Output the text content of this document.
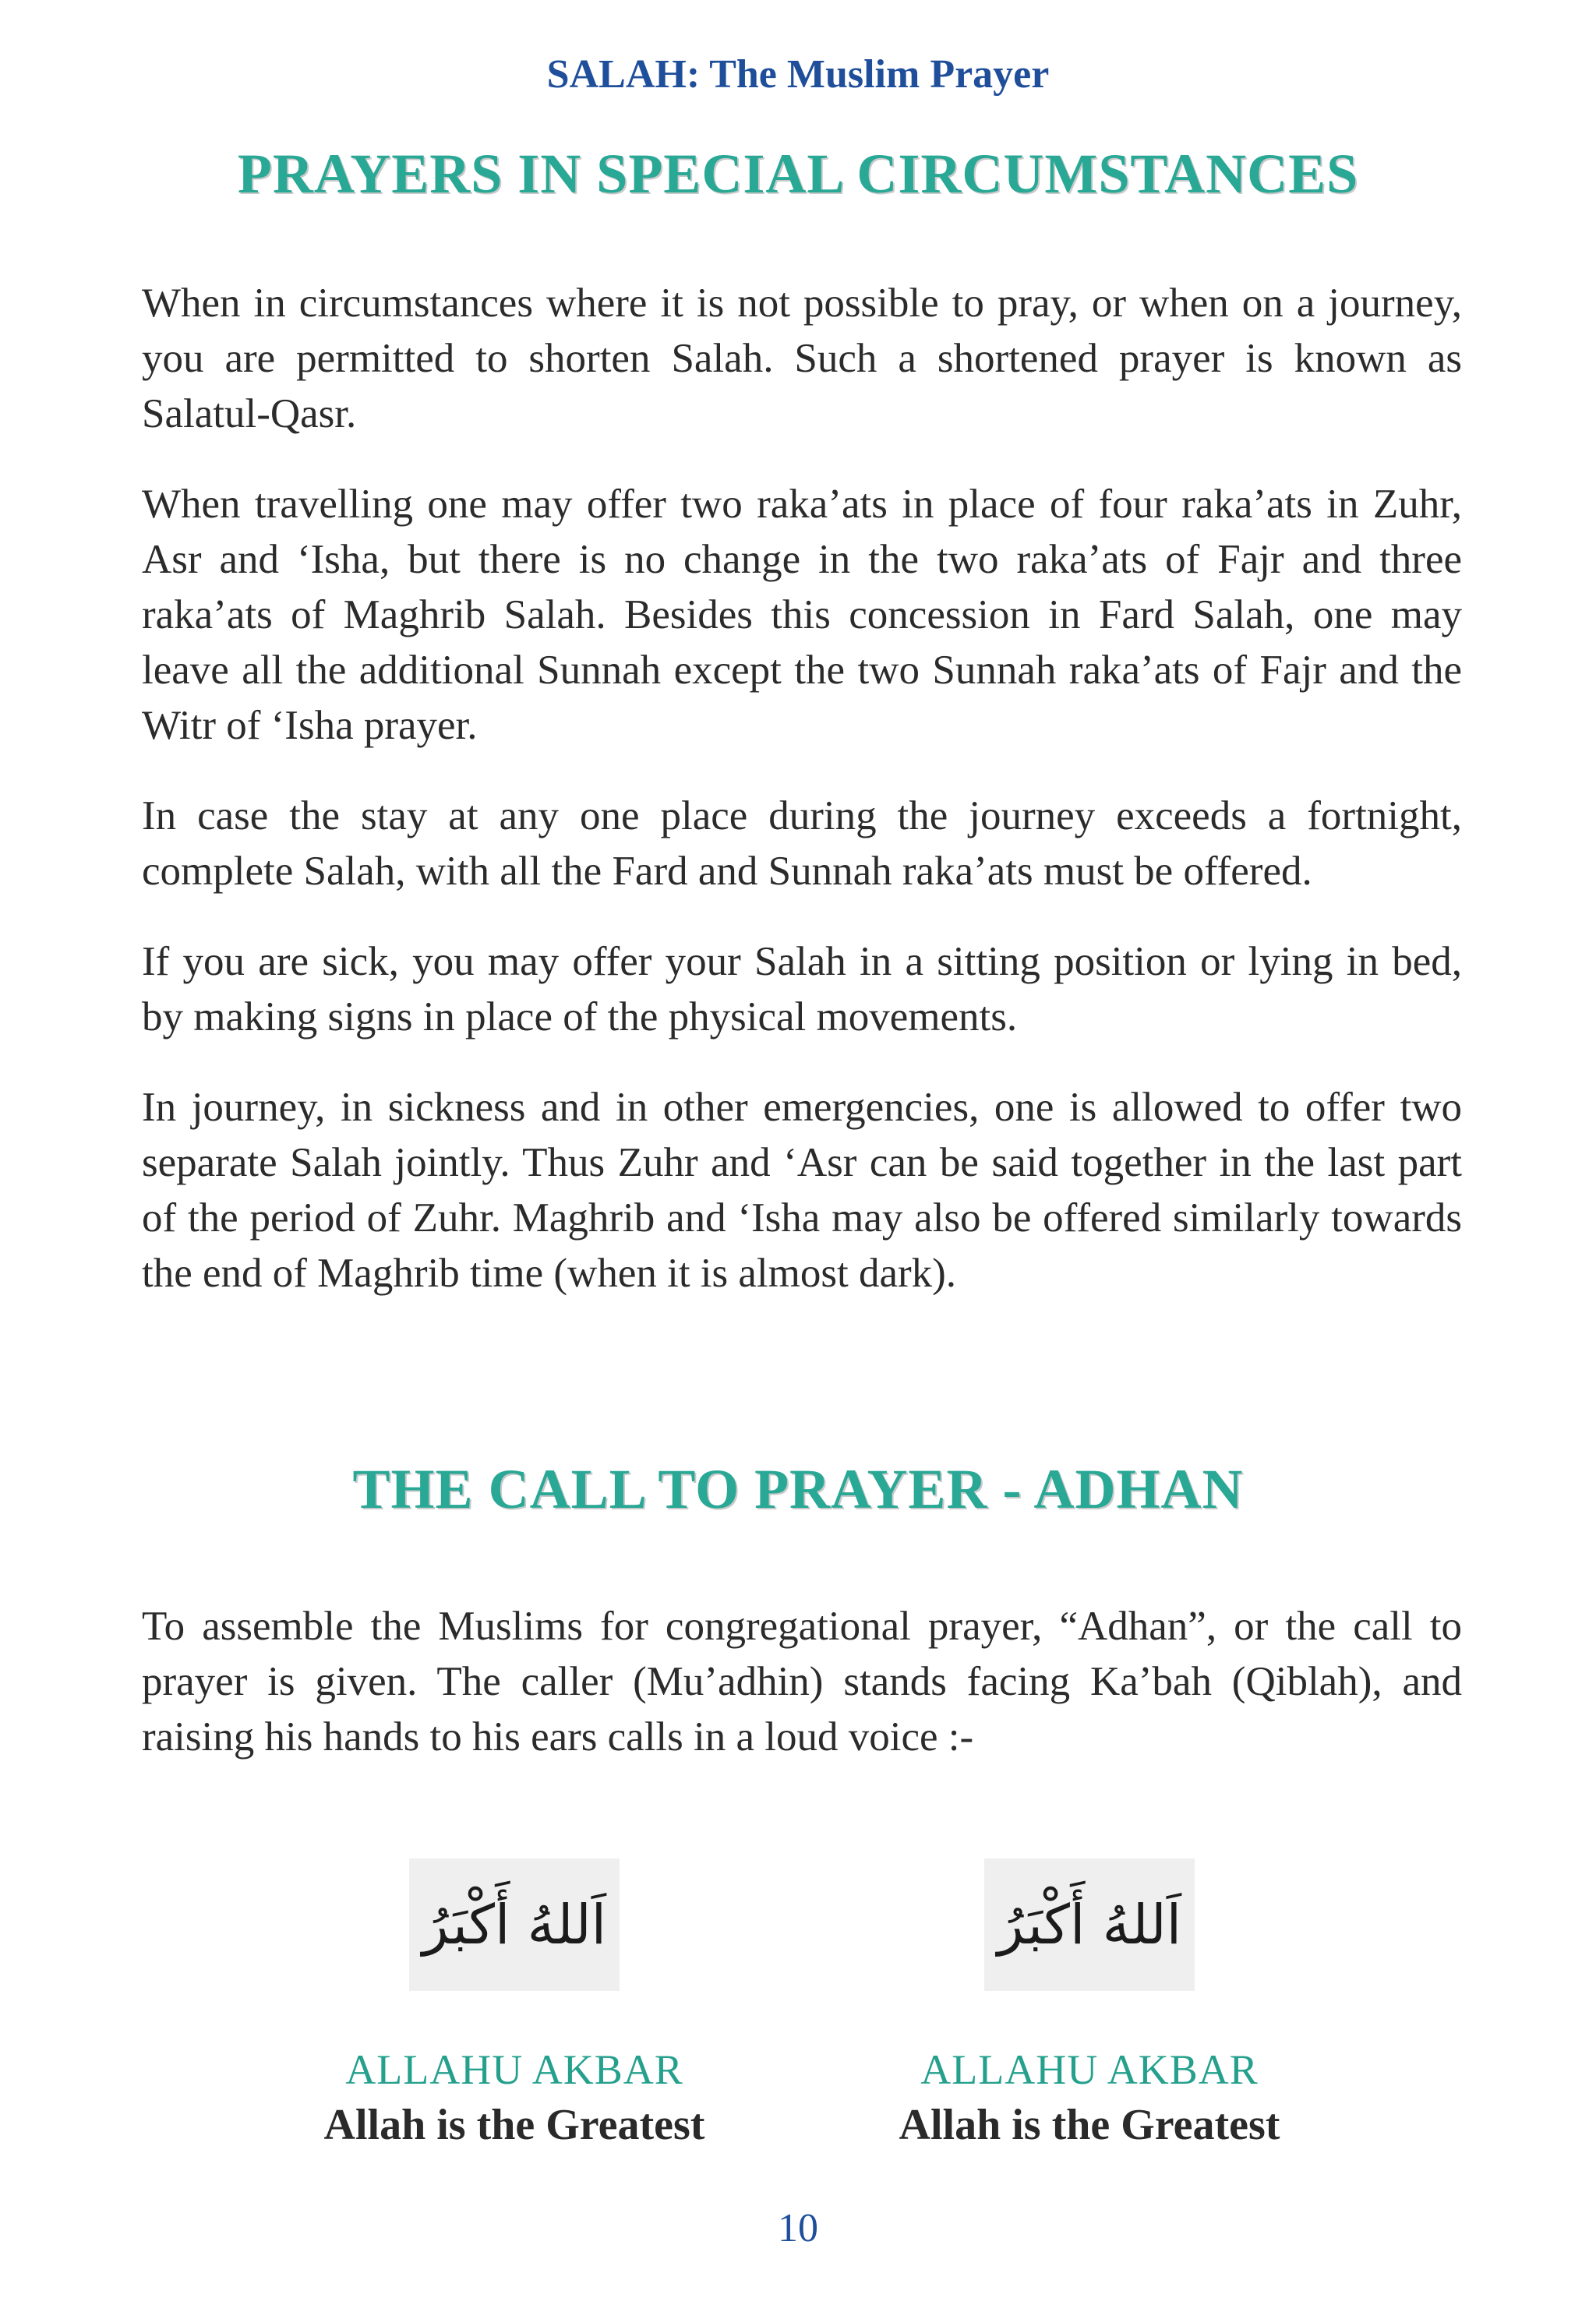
SALAH: The Muslim Prayer
PRAYERS IN SPECIAL CIRCUMSTANCES

When in circumstances where it is not possible to pray, or when on a journey, you are permitted to shorten Salah. Such a shortened prayer is known as Salatul-Qasr.

When travelling one may offer two raka’ats in place of four raka’ats in Zuhr, Asr and ‘Isha, but there is no change in the two raka’ats of Fajr and three raka’ats of Maghrib Salah. Besides this concession in Fard Salah, one may leave all the additional Sunnah except the two Sunnah raka’ats of Fajr and the Witr of ‘Isha prayer.

In case the stay at any one place during the journey exceeds a fortnight, complete Salah, with all the Fard and Sunnah raka’ats must be offered.

If you are sick, you may offer your Salah in a sitting position or lying in bed, by making signs in place of the physical movements.

In journey, in sickness and in other emergencies, one is allowed to offer two separate Salah jointly. Thus Zuhr and ‘Asr can be said together in the last part of the period of Zuhr. Maghrib and ‘Isha may also be offered similarly towards the end of Maghrib time (when it is almost dark).

THE CALL TO PRAYER - ADHAN

To assemble the Muslims for congregational prayer, “Adhan”, or the call to prayer is given. The caller (Mu’adhin) stands facing Ka’bah (Qiblah), and raising his hands to his ears calls in a loud voice :-

اَللهُ أَكْبَرُ
ALLAHU AKBAR
Allah is the Greatest
اَللهُ أَكْبَرُ
ALLAHU AKBAR
Allah is the Greatest
10
